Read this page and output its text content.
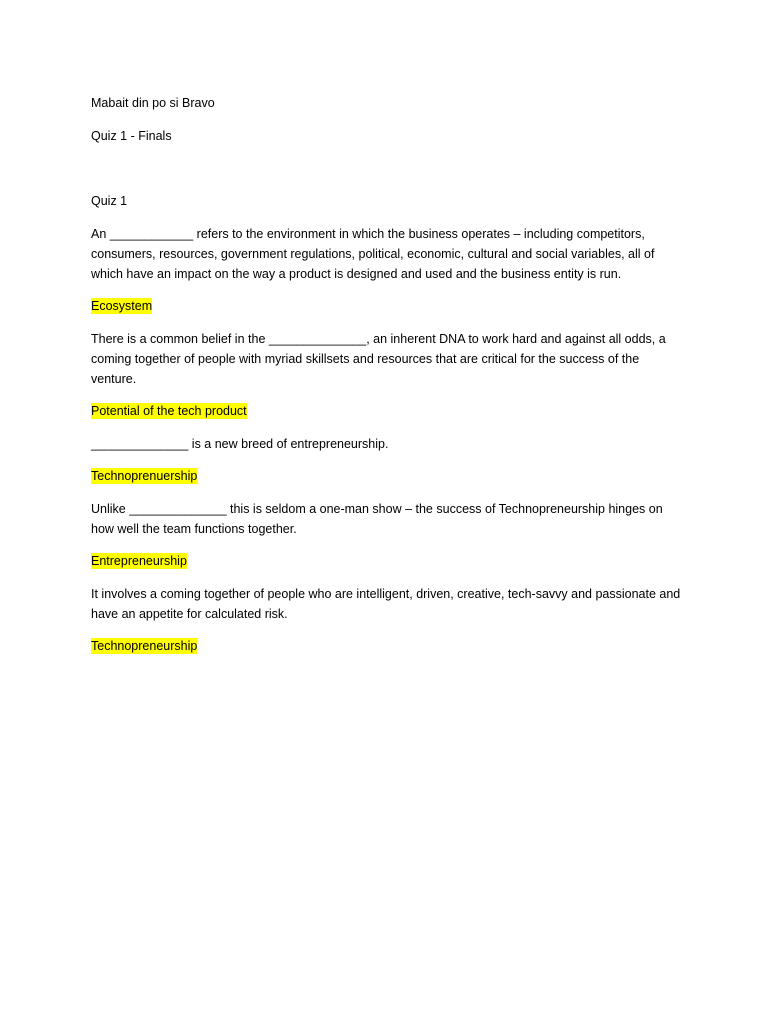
Mabait din po si Bravo

Quiz 1 - Finals

Quiz 1

An ____________ refers to the environment in which the business operates – including competitors, consumers, resources, government regulations, political, economic, cultural and social variables, all of which have an impact on the way a product is designed and used and the business entity is run.

Ecosystem

There is a common belief in the ______________, an inherent DNA to work hard and against all odds, a coming together of people with myriad skillsets and resources that are critical for the success of the venture.

Potential of the tech product

______________ is a new breed of entrepreneurship.

Technoprenuership

Unlike ______________ this is seldom a one-man show – the success of Technopreneurship hinges on how well the team functions together.

Entrepreneurship

It involves a coming together of people who are intelligent, driven, creative, tech-savvy and passionate and have an appetite for calculated risk.

Technopreneurship
